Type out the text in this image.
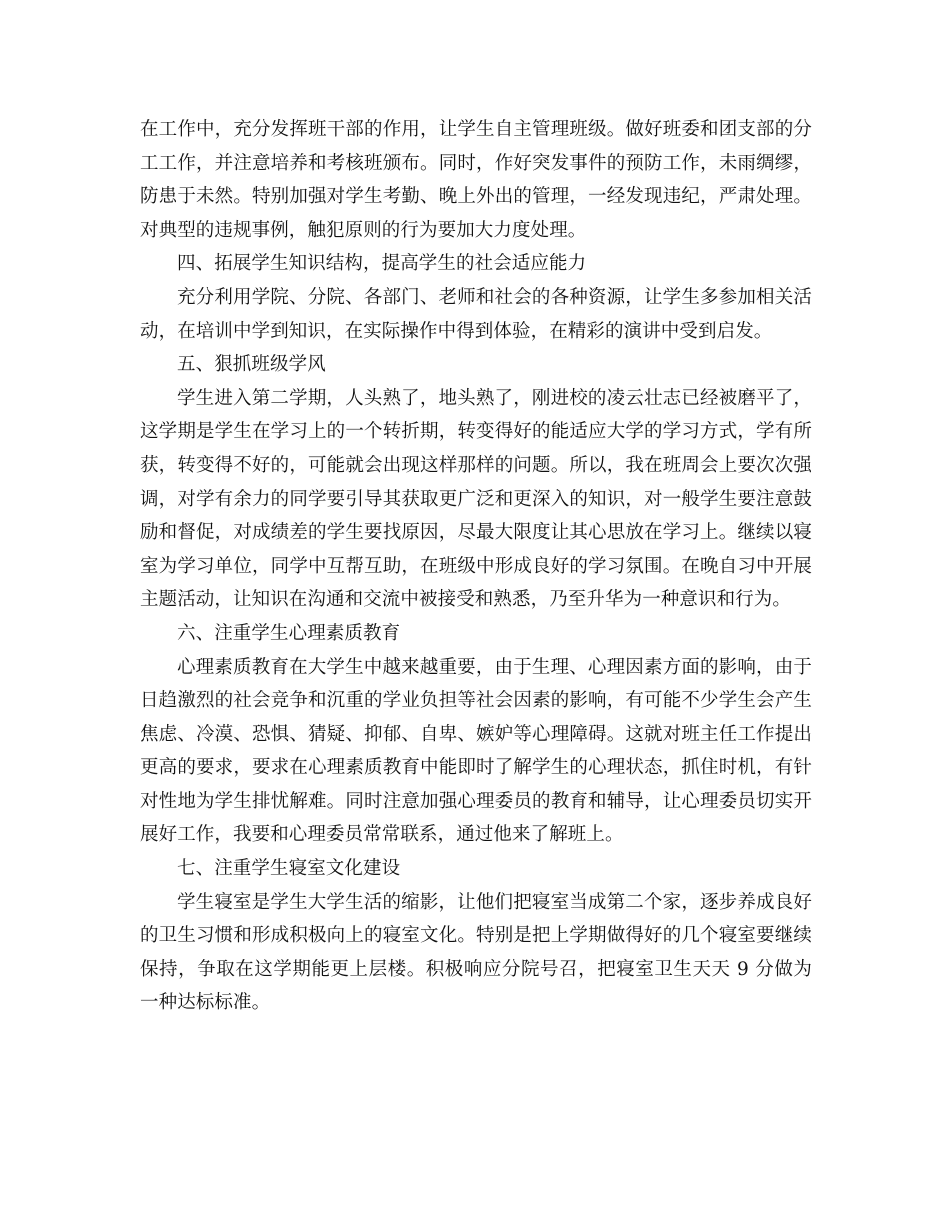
在工作中，充分发挥班干部的作用，让学生自主管理班级。做好班委和团支部的分工工作，并注意培养和考核班颁布。同时，作好突发事件的预防工作，未雨绸缪，防患于未然。特别加强对学生考勤、晚上外出的管理，一经发现违纪，严肃处理。对典型的违规事例，触犯原则的行为要加大力度处理。

四、拓展学生知识结构，提高学生的社会适应能力

充分利用学院、分院、各部门、老师和社会的各种资源，让学生多参加相关活动，在培训中学到知识，在实际操作中得到体验，在精彩的演讲中受到启发。

五、狠抓班级学风

学生进入第二学期，人头熟了，地头熟了，刚进校的凌云壮志已经被磨平了，这学期是学生在学习上的一个转折期，转变得好的能适应大学的学习方式，学有所获，转变得不好的，可能就会出现这样那样的问题。所以，我在班周会上要次次强调，对学有余力的同学要引导其获取更广泛和更深入的知识，对一般学生要注意鼓励和督促，对成绩差的学生要找原因，尽最大限度让其心思放在学习上。继续以寝室为学习单位，同学中互帮互助，在班级中形成良好的学习氛围。在晚自习中开展主题活动，让知识在沟通和交流中被接受和熟悉，乃至升华为一种意识和行为。

六、注重学生心理素质教育

心理素质教育在大学生中越来越重要，由于生理、心理因素方面的影响，由于日趋激烈的社会竞争和沉重的学业负担等社会因素的影响，有可能不少学生会产生焦虑、冷漠、恐惧、猜疑、抑郁、自卑、嫉妒等心理障碍。这就对班主任工作提出更高的要求，要求在心理素质教育中能即时了解学生的心理状态，抓住时机，有针对性地为学生排忧解难。同时注意加强心理委员的教育和辅导，让心理委员切实开展好工作，我要和心理委员常常联系，通过他来了解班上。

七、注重学生寝室文化建设

学生寝室是学生大学生活的缩影，让他们把寝室当成第二个家，逐步养成良好的卫生习惯和形成积极向上的寝室文化。特别是把上学期做得好的几个寝室要继续保持，争取在这学期能更上层楼。积极响应分院号召，把寝室卫生天天 9 分做为一种达标标准。
